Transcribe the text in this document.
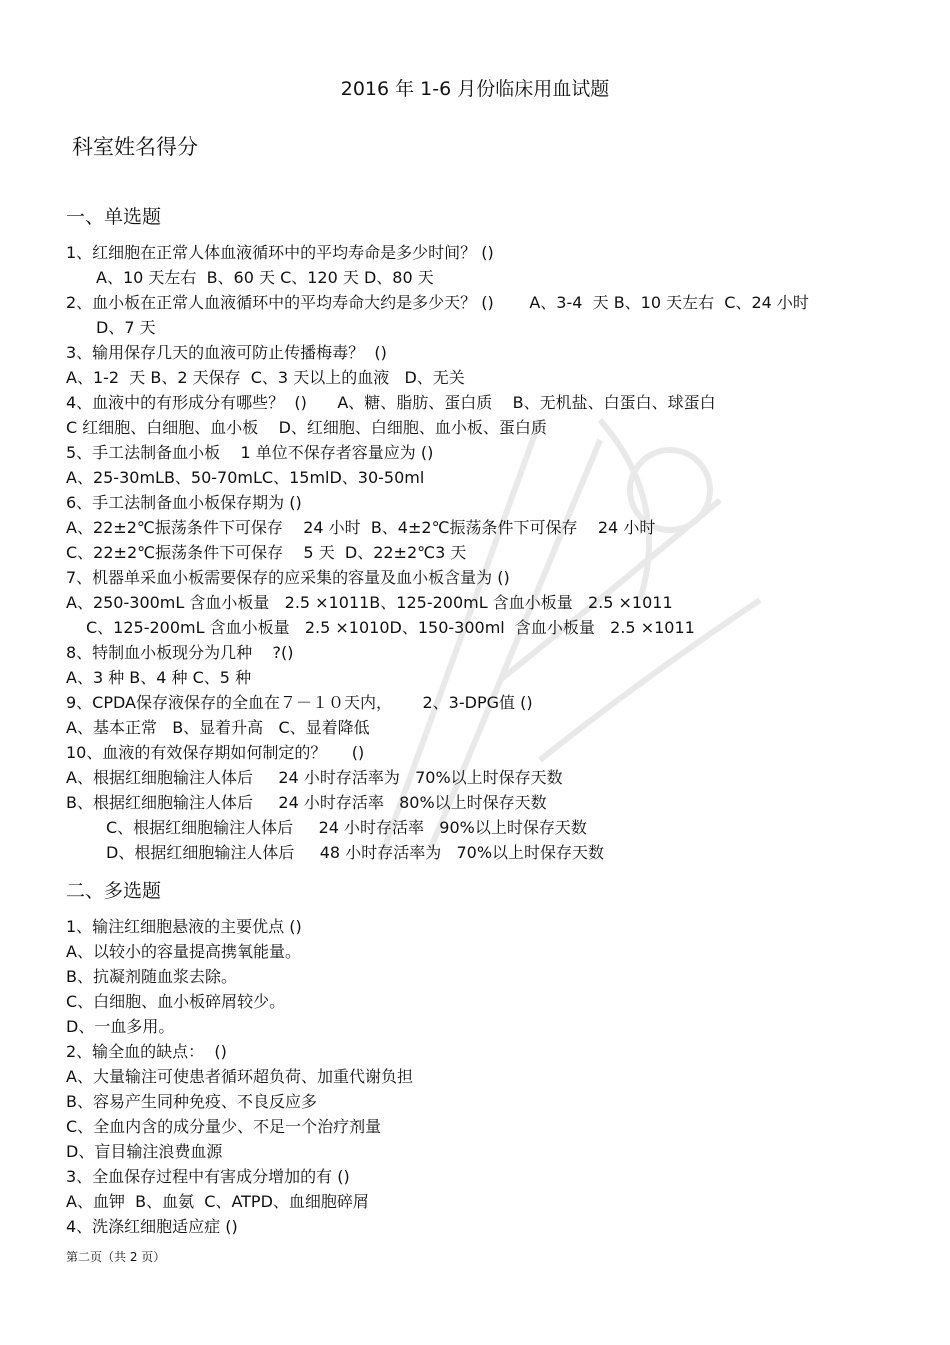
2016 年 1-6 月份临床用血试题
科室姓名得分
一、单选题
1、红细胞在正常人体血液循环中的平均寿命是多少时间？ ()
A、10 天左右  B、60 天 C、120 天 D、80 天
2、血小板在正常人血液循环中的平均寿命大约是多少天？ ()       A、3-4  天 B、10 天左右  C、24 小时
D、7 天
3、输用保存几天的血液可防止传播梅毒？  ()
A、1-2  天 B、2 天保存  C、3 天以上的血液   D、无关
4、血液中的有形成分有哪些？  ()      A、糖、脂肪、蛋白质    B、无机盐、白蛋白、球蛋白
C 红细胞、白细胞、血小板    D、红细胞、白细胞、血小板、蛋白质
5、手工法制备血小板    1 单位不保存者容量应为 ()
A、25-30mLB、50-70mLC、15mlD、30-50ml
6、手工法制备血小板保存期为 ()
A、22±2℃振荡条件下可保存    24 小时  B、4±2℃振荡条件下可保存    24 小时
C、22±2℃振荡条件下可保存    5 天  D、22±2℃3 天
7、机器单采血小板需要保存的应采集的容量及血小板含量为 ()
A、250-300mL 含血小板量   2.5 ×1011B、125-200mL 含血小板量   2.5 ×1011
C、125-200mL 含血小板量   2.5 ×1010D、150-300ml  含血小板量   2.5 ×1011
8、特制血小板现分为几种    ?()
A、3 种 B、4 种 C、5 种
9、CPDA保存液保存的全血在７－１０天内，      2、3-DPG值 ()
A、基本正常   B、显着升高   C、显着降低
10、血液的有效保存期如何制定的？     ()
A、根据红细胞输注人体后     24 小时存活率为   70%以上时保存天数
B、根据红细胞输注人体后     24 小时存活率   80%以上时保存天数
C、根据红细胞输注人体后     24 小时存活率   90%以上时保存天数
D、根据红细胞输注人体后     48 小时存活率为   70%以上时保存天数
二、多选题
1、输注红细胞悬液的主要优点 ()
A、以较小的容量提高携氧能量。
B、抗凝剂随血浆去除。
C、白细胞、血小板碎屑较少。
D、一血多用。
2、输全血的缺点：  ()
A、大量输注可使患者循环超负荷、加重代谢负担
B、容易产生同种免疫、不良反应多
C、全血内含的成分量少、不足一个治疗剂量
D、盲目输注浪费血源
3、全血保存过程中有害成分增加的有 ()
A、血钾  B、血氨  C、ATPD、血细胞碎屑
4、洗涤红细胞适应症 ()
第二页（共 2 页）
